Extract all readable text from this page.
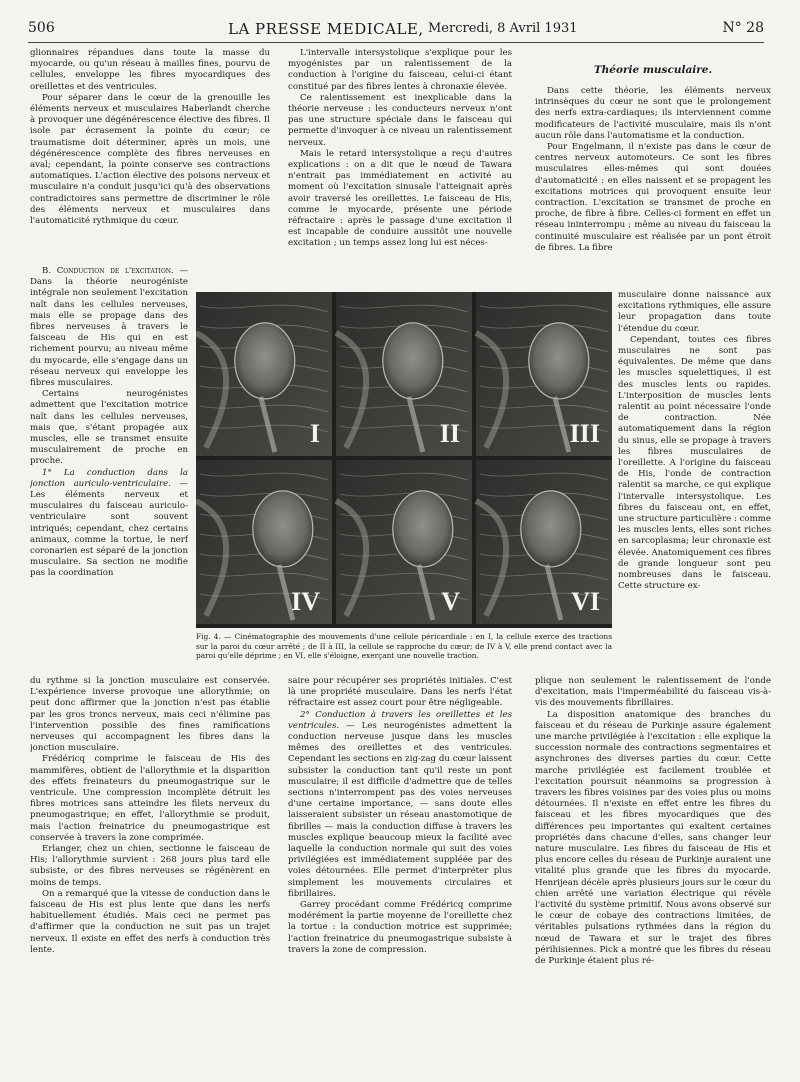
506	LA PRESSE MEDICALE, Mercredi, 8 Avril 1931	N° 28

glionnaires répandues dans toute la masse du myocarde, ou qu'un réseau à mailles fines, pourvu de cellules, enveloppe les fibres myocardiques des oreillettes et des ventricules.

Pour séparer dans le cœur de la grenouille les éléments nerveux et musculaires Haberlandt cherche à provoquer une dégénérescence élective des fibres. Il isole par écrasement la pointe du cœur; ce traumatisme doit déterminer, après un mois, une dégénérescence complète des fibres nerveuses en aval; cependant, la pointe conserve ses contractions automatiques. L'action élective des poisons nerveux et musculaire n'a conduit jusqu'ici qu'à des observations contradictoires sans permettre de discriminer le rôle des éléments nerveux et musculaires dans l'automaticité rythmique du cœur.

L'intervalle intersystolique s'explique pour les myogénistes par un ralentissement de la conduction à l'origine du faisceau, celui-ci étant constitué par des fibres lentes à chronaxie élevée.

Ce ralentissement est inexplicable dans la théorie nerveuse : les conducteurs nerveux n'ont pas une structure spéciale dans le faisceau qui permette d'invoquer à ce niveau un ralentissement nerveux.

Mais le retard intersystolique a reçu d'autres explications : on a dit que le nœud de Tawara n'entrait pas immédiatement en activité au moment où l'excitation sinusale l'atteignait après avoir traversé les oreillettes. Le faisceau de His, comme le myocarde, présente une période réfractaire : après le passage d'une excitation il est incapable de conduire aussitôt une nouvelle excitation ; un temps assez long lui est néces-

Théorie musculaire.

Dans cette théorie, les éléments nerveux intrinsèques du cœur ne sont que le prolongement des nerfs extra-cardiaques; ils interviennent comme modificateurs de l'activité musculaire, mais ils n'ont aucun rôle dans l'automatisme et la conduction.

Pour Engelmann, il n'existe pas dans le cœur de centres nerveux automoteurs. Ce sont les fibres musculaires elles-mêmes qui sont douées d'automaticité : en elles naissent et se propagent les excitations motrices qui provoquent ensuite leur contraction. L'excitation se transmet de proche en proche, de fibre à fibre. Celles-ci forment en effet un réseau ininterrompu ; même au niveau du faisceau la continuité musculaire est réalisée par un pont étroit de fibres. La fibre

B. Conduction de l'excitation. — Dans la théorie neurogéniste intégrale non seulement l'excitation naît dans les cellules nerveuses, mais elle se propage dans des fibres nerveuses à travers le faisceau de His qui en est richement pourvu; au niveau même du myocarde, elle s'engage dans un réseau nerveux qui enveloppe les fibres musculaires.

Certains neurogénistes admettent que l'excitation motrice naît dans les cellules nerveuses, mais que, s'étant propagée aux muscles, elle se transmet ensuite musculairement de proche en proche.

1° La conduction dans la jonction auriculo-ventriculaire. — Les éléments nerveux et musculaires du faisceau auriculo-ventriculaire sont souvent intriqués; cependant, chez certains animaux, comme la tortue, le nerf coronarien est séparé de la jonction musculaire. Sa section ne modifie pas la coordination

musculaire donne naissance aux excitations rythmiques, elle assure leur propagation dans toute l'étendue du cœur.

Cependant, toutes ces fibres musculaires ne sont pas équivalentes. De même que dans les muscles squelettiques, il est des muscles lents ou rapides. L'interposition de muscles lents ralentit au point nécessaire l'onde de contraction. Née automatiquement dans la région du sinus, elle se propage à travers les fibres musculaires de l'oreillette. A l'origine du faisceau de His, l'onde de contraction ralentit sa marche, ce qui explique l'intervalle intersystolique. Les fibres du faisceau ont, en effet, une structure particulière : comme les muscles lents, elles sont riches en sarcoplasma; leur chronaxie est élevée. Anatomiquement ces fibres de grande longueur sont peu nombreuses dans le faisceau. Cette structure ex-

I	II	III
IV	V	VI
Fig. 4. — Cinématographie des mouvements d'une cellule péricardiale : en I, la cellule exerce des tractions sur la paroi du cœur arrêté ; de II à III, la cellule se rapproche du cœur; de IV à V, elle prend contact avec la paroi qu'elle déprime ; en VI, elle s'éloigne, exerçant une nouvelle traction.

du rythme si la jonction musculaire est conservée. L'expérience inverse provoque une allorythmie; on peut donc affirmer que la jonction n'est pas établie par les gros troncs nerveux, mais ceci n'élimine pas l'intervention possible des fines ramifications nerveuses qui accompagnent les fibres dans la jonction musculaire.

Frédéricq comprime le faisceau de His des mammifères, obtient de l'allorythmie et la disparition des effets freinateurs du pneumogastrique sur le ventricule. Une compression incomplète détruit les fibres motrices sans atteindre les filets nerveux du pneumogastrique; en effet, l'allorythmie se produit, mais l'action freinatrice du pneumogastrique est conservée à travers la zone comprimée.

Erlanger, chez un chien, sectionne le faisceau de His; l'allorythmie survient : 268 jours plus tard elle subsiste, or des fibres nerveuses se régénèrent en moins de temps.

On a remarqué que la vitesse de conduction dans le faisceau de His est plus lente que dans les nerfs habituellement étudiés. Mais ceci ne permet pas d'affirmer que la conduction ne suit pas un trajet nerveux. Il existe en effet des nerfs à conduction très lente.

saire pour récupérer ses propriétés initiales. C'est là une propriété musculaire. Dans les nerfs l'état réfractaire est assez court pour être négligeable.

2° Conduction à travers les oreillettes et les ventricules. — Les neurogénistes admettent la conduction nerveuse jusque dans les muscles mêmes des oreillettes et des ventricules. Cependant les sections en zig-zag du cœur laissent subsister la conduction tant qu'il reste un pont musculaire; il est difficile d'admettre que de telles sections n'interrompent pas des voies nerveuses d'une certaine importance, — sans doute elles laisseraient subsister un réseau anastomotique de fibrilles — mais la conduction diffuse à travers les muscles explique beaucoup mieux la facilité avec laquelle la conduction normale qui suit des voies privilégiées est immédiatement suppléée par des voies détournées. Elle permet d'interpréter plus simplement les mouvements circulaires et fibrillaires.

Garrey procédant comme Frédéricq comprime modérément la partie moyenne de l'oreillette chez la tortue : la conduction motrice est supprimée; l'action freinatrice du pneumogastrique subsiste à travers la zone de compression.

plique non seulement le ralentissement de l'onde d'excitation, mais l'imperméabilité du faisceau vis-à-vis des mouvements fibrillaires.

La disposition anatomique des branches du faisceau et du réseau de Purkinje assure également une marche privilégiée à l'excitation : elle explique la succession normale des contractions segmentaires et asynchrones des diverses parties du cœur. Cette marche privilégiée est facilement troublée et l'excitation poursuit néanmoins sa progression à travers les fibres voisines par des voies plus ou moins détournées. Il n'existe en effet entre les fibres du faisceau et les fibres myocardiques que des différences peu importantes qui exaltent certaines propriétés dans chacune d'elles, sans changer leur nature musculaire. Les fibres du faisceau de His et plus encore celles du réseau de Purkinje auraient une vitalité plus grande que les fibres du myocarde. Henrijean décèle après plusieurs jours sur le cœur du chien arrêté une variation électrique qui révèle l'activité du système primitif. Nous avons observé sur le cœur de cobaye des contractions limitées, de véritables pulsations rythmées dans la région du nœud de Tawara et sur le trajet des fibres périhisiennes. Pick a montré que les fibres du réseau de Purkinje étaient plus ré-
